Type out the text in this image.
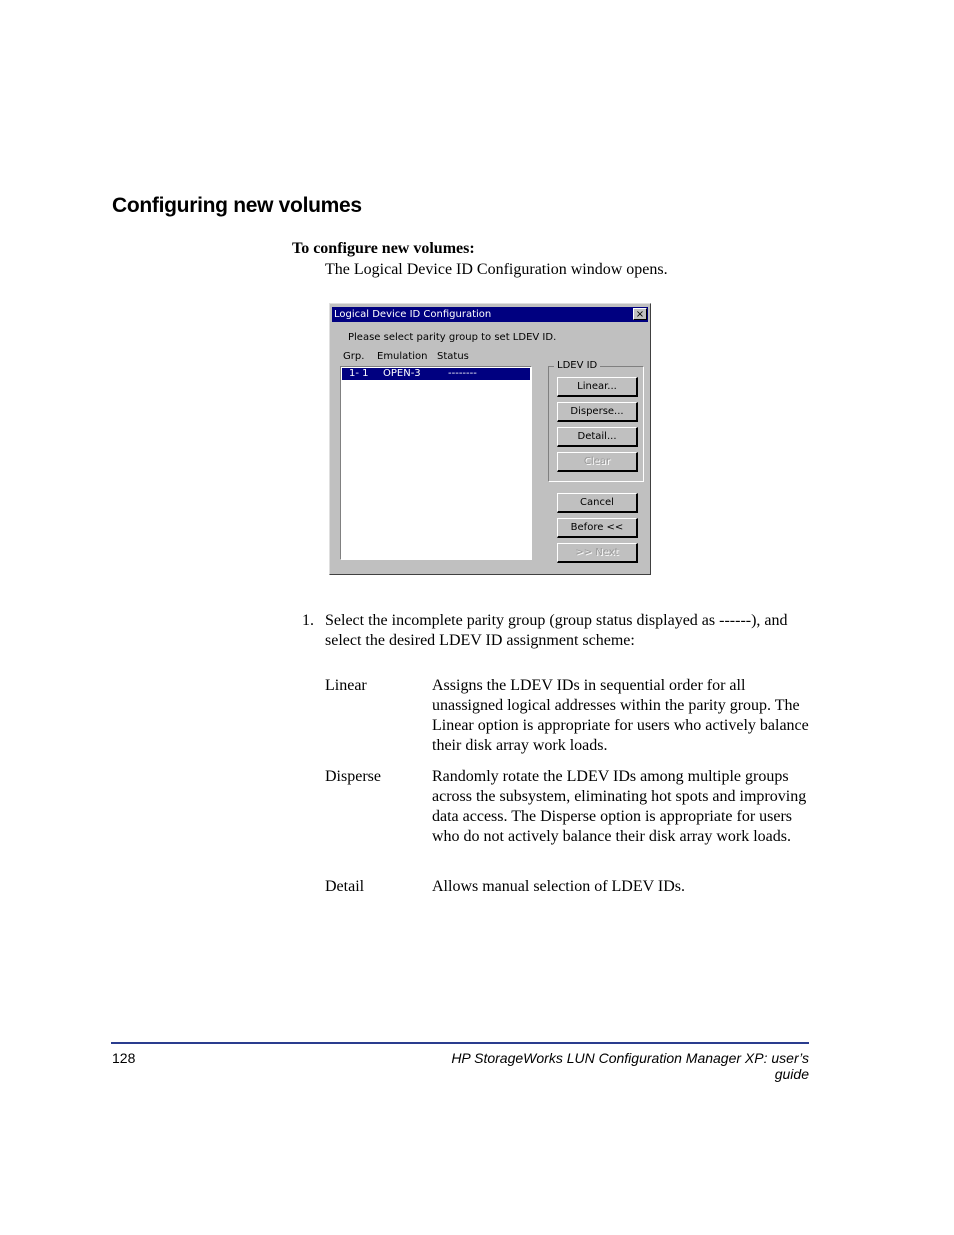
Configuring new volumes
To configure new volumes:
The Logical Device ID Configuration window opens.
Logical Device ID Configuration	×
Please select parity group to set LDEV ID.
Grp. Emulation Status
1- 1 OPEN-3	--------
LDEV ID
Linear...
Disperse...
Detail...
Clear
Cancel
Before <<
>> Next
1. Select the incomplete parity group (group status displayed as ------), and select the desired LDEV ID assignment scheme:
Linear	Assigns the LDEV IDs in sequential order for all unassigned logical addresses within the parity group. The Linear option is appropriate for users who actively balance their disk array work loads.
Disperse	Randomly rotate the LDEV IDs among multiple groups across the subsystem, eliminating hot spots and improving data access. The Disperse option is appropriate for users who do not actively balance their disk array work loads.
Detail	Allows manual selection of LDEV IDs.
128	HP StorageWorks LUN Configuration Manager XP: user’s guide
